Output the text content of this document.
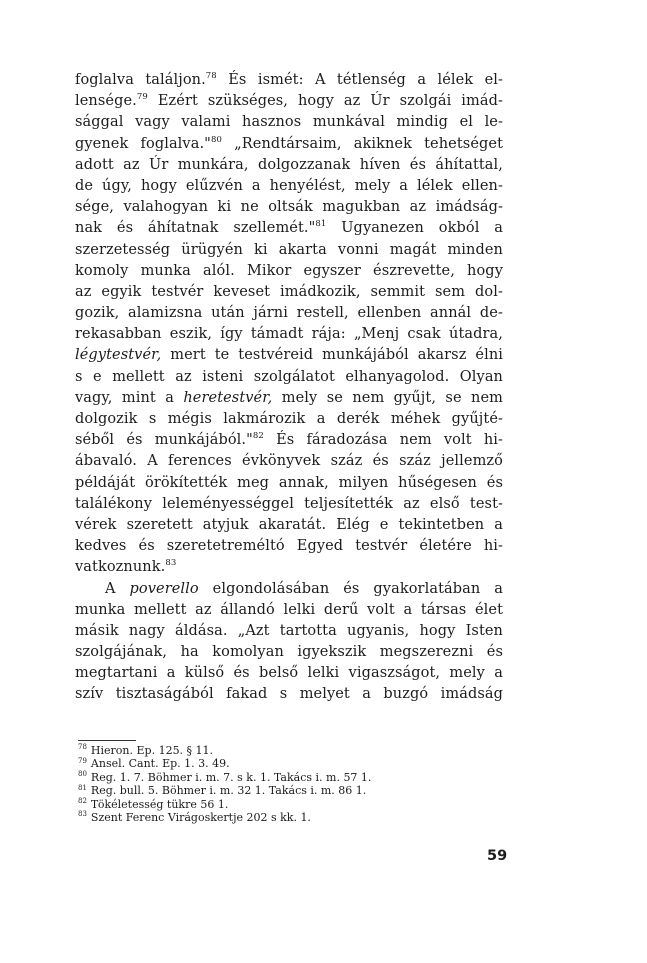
foglalva találjon.$^{78}$ És ismét: A tétlenség a lélek el-
lensége.$^{79}$ Ezért szükséges, hogy az Úr szolgái imád-
sággal vagy valami hasznos munkával mindig el le-
gyenek foglalva."$^{80}$ „Rendtársaim, akiknek tehetséget
adott az Úr munkára, dolgozzanak híven és áhítattal,
de úgy, hogy elűzvén a henyélést, mely a lélek ellen-
sége, valahogyan ki ne oltsák magukban az imádság-
nak és áhítatnak szellemét."$^{81}$ Ugyanezen okból a
szerzetesség ürügyén ki akarta vonni magát minden
komoly munka alól. Mikor egyszer észrevette, hogy
az egyik testvér keveset imádkozik, semmit sem dol-
gozik, alamizsna után járni restell, ellenben annál de-
rekasabban eszik, így támadt rája: „Menj csak útadra,
légytestvér, mert te testvéreid munkájából akarsz élni
s e mellett az isteni szolgálatot elhanyagolod. Olyan
vagy, mint a heretestvér, mely se nem gyűjt, se nem
dolgozik s mégis lakmározik a derék méhek gyűjté-
séből és munkájából."$^{82}$ És fáradozása nem volt hi-
ábavaló. A ferences évkönyvek száz és száz jellemző
példáját örökítették meg annak, milyen hűségesen és
találékony leleményességgel teljesítették az első test-
vérek szeretett atyjuk akaratát. Elég e tekintetben a
kedves és szeretetreméltó Egyed testvér életére hi-
vatkoznunk.$^{83}$
A poverello elgondolásában és gyakorlatában a
munka mellett az állandó lelki derű volt a társas élet
másik nagy áldása. „Azt tartotta ugyanis, hogy Isten
szolgájának, ha komolyan igyekszik megszerezni és
megtartani a külső és belső lelki vigaszságot, mely a
szív tisztaságából fakad s melyet a buzgó imádság
$^{78}$ Hieron. Ep. 125. § 11.
$^{79}$ Ansel. Cant. Ep. 1. 3. 49.
$^{80}$ Reg. 1. 7. Böhmer i. m. 7. s k. 1. Takács i. m. 57 1.
$^{81}$ Reg. bull. 5. Böhmer i. m. 32 1. Takács i. m. 86 1.
$^{82}$ Tökéletesség tükre 56 1.
$^{83}$ Szent Ferenc Virágoskertje 202 s kk. 1.
59
